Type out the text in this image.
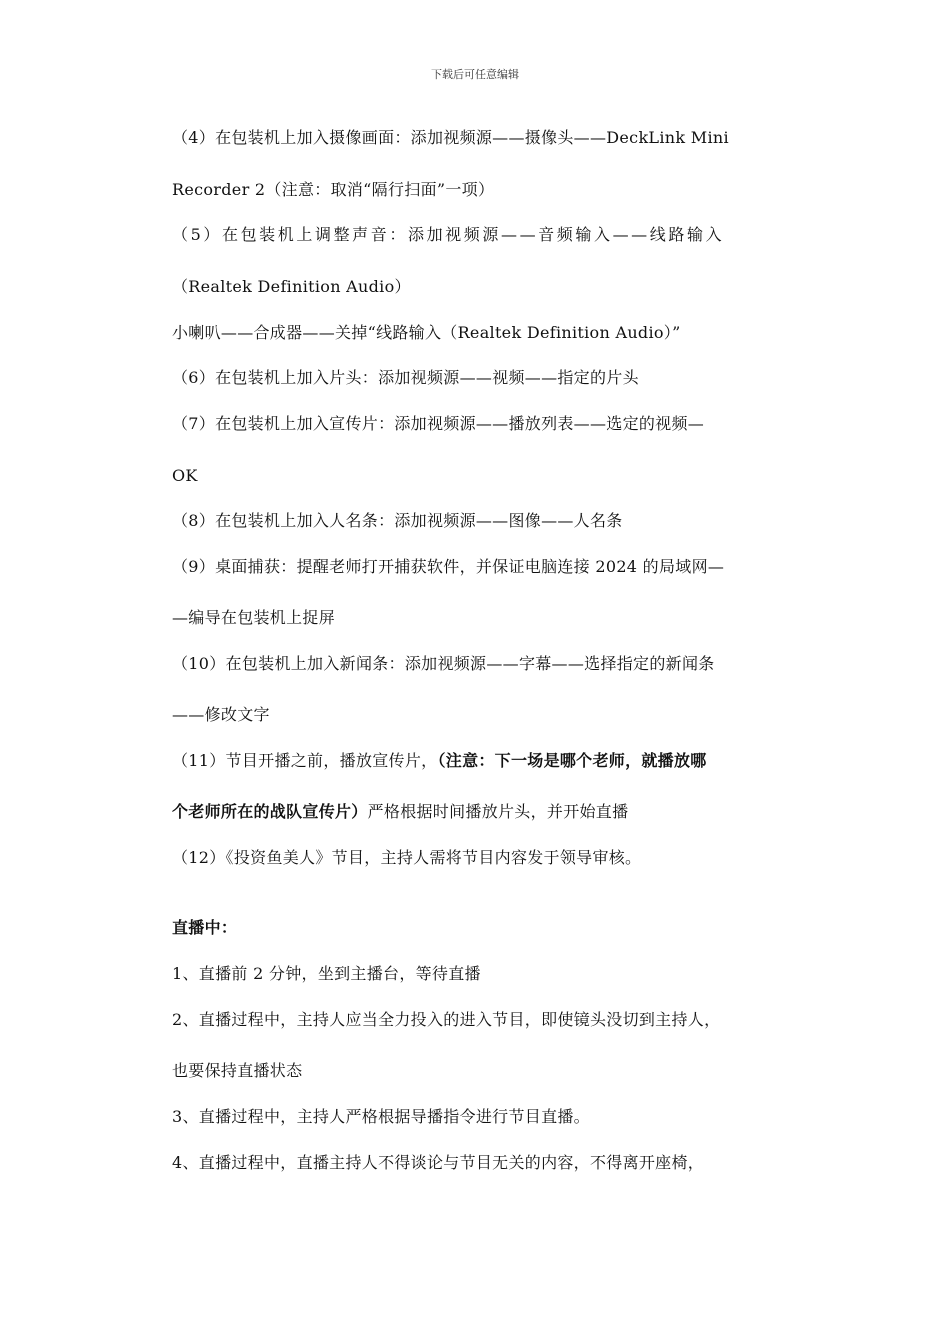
下载后可任意编辑
（4）在包装机上加入摄像画面：添加视频源——摄像头——DeckLink Mini
Recorder 2（注意：取消“隔行扫面”一项）
（5）在包装机上调整声音：添加视频源——音频输入——线路输入
（Realtek Definition Audio）
小喇叭——合成器——关掉“线路输入（Realtek Definition Audio）”
（6）在包装机上加入片头：添加视频源——视频——指定的片头
（7）在包装机上加入宣传片：添加视频源——播放列表——选定的视频—
OK
（8）在包装机上加入人名条：添加视频源——图像——人名条
（9）桌面捕获：提醒老师打开捕获软件，并保证电脑连接 2024 的局域网—
—编导在包装机上捉屏
（10）在包装机上加入新闻条：添加视频源——字幕——选择指定的新闻条
——修改文字
（11）节目开播之前，播放宣传片，（注意：下一场是哪个老师，就播放哪
个老师所在的战队宣传片）严格根据时间播放片头，并开始直播
（12）《投资鱼美人》节目，主持人需将节目内容发于领导审核。
直播中：
1、直播前 2 分钟，坐到主播台，等待直播
2、直播过程中，主持人应当全力投入的进入节目，即使镜头没切到主持人，
也要保持直播状态
3、直播过程中，主持人严格根据导播指令进行节目直播。
4、直播过程中，直播主持人不得谈论与节目无关的内容，不得离开座椅，
